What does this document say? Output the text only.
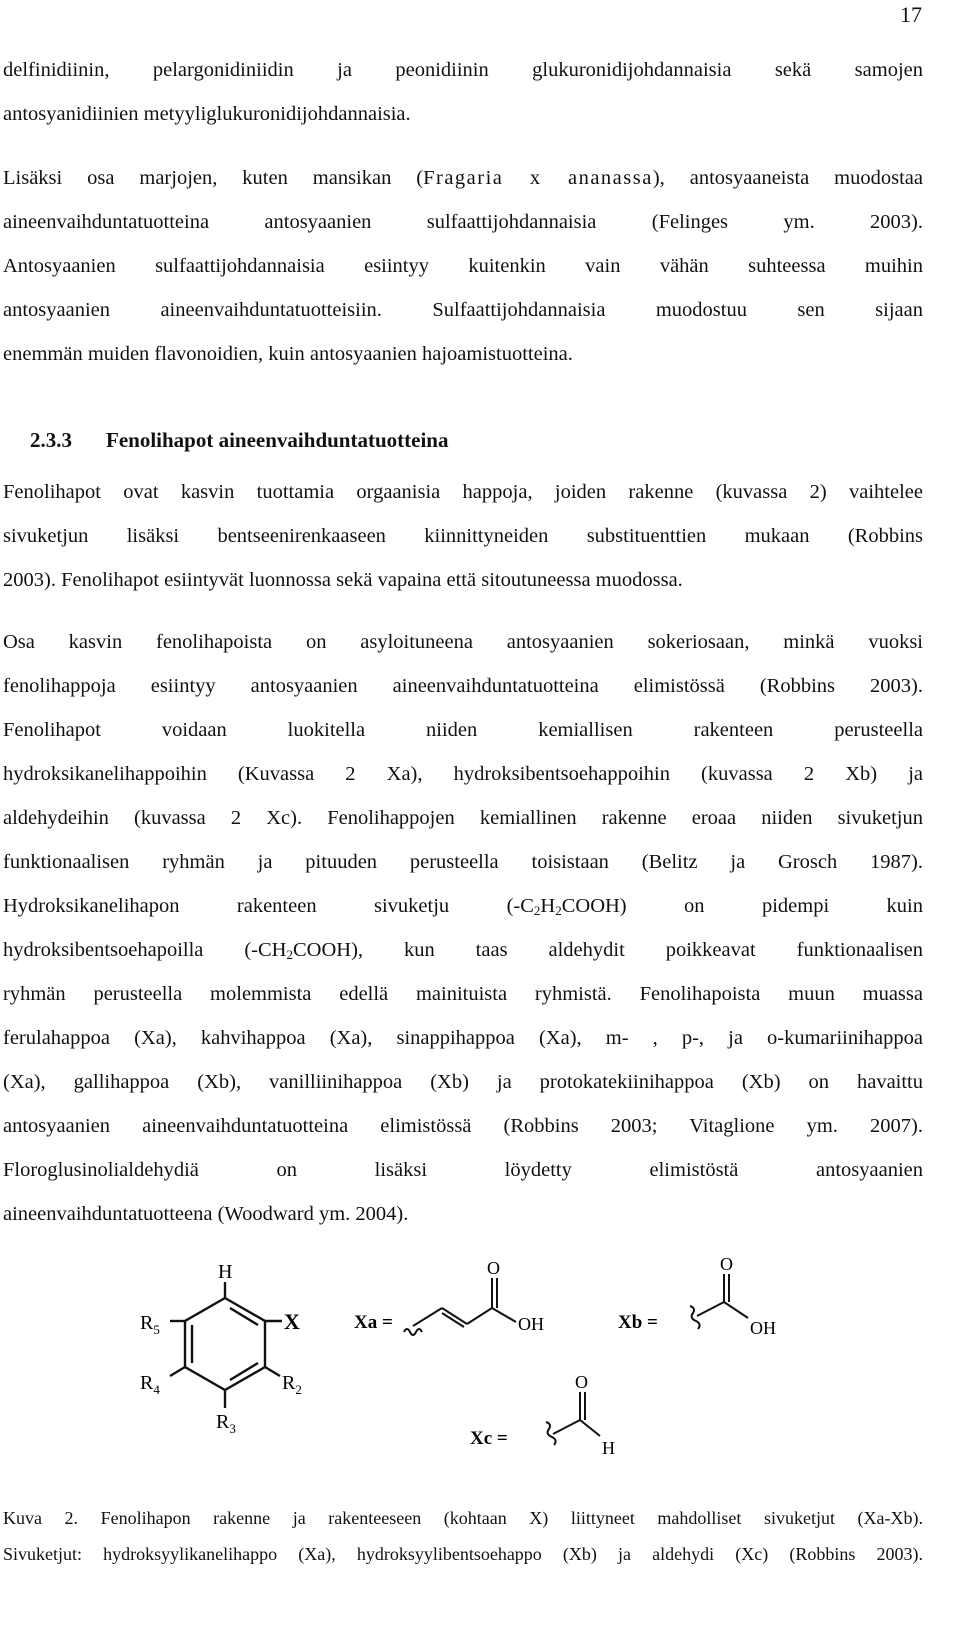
17

delfinidiinin, pelargonidiniidin ja peonidiinin glukuronidijohdannaisia sekä samojen
antosyanidiinien metyyliglukuronidijohdannaisia.

Lisäksi osa marjojen, kuten mansikan (Fragaria x ananassa), antosyaaneista muodostaa
aineenvaihduntatuotteina antosyaanien sulfaattijohdannaisia (Felinges ym. 2003).
Antosyaanien sulfaattijohdannaisia esiintyy kuitenkin vain vähän suhteessa muihin
antosyaanien aineenvaihduntatuotteisiin. Sulfaattijohdannaisia muodostuu sen sijaan
enemmän muiden flavonoidien, kuin antosyaanien hajoamistuotteina.

2.3.3 Fenolihapot aineenvaihduntatuotteina

Fenolihapot ovat kasvin tuottamia orgaanisia happoja, joiden rakenne (kuvassa 2) vaihtelee
sivuketjun lisäksi bentseenirenkaaseen kiinnittyneiden substituenttien mukaan (Robbins
2003). Fenolihapot esiintyvät luonnossa sekä vapaina että sitoutuneessa muodossa.

Osa kasvin fenolihapoista on asyloituneena antosyaanien sokeriosaan, minkä vuoksi
fenolihappoja esiintyy antosyaanien aineenvaihduntatuotteina elimistössä (Robbins 2003).
Fenolihapot voidaan luokitella niiden kemiallisen rakenteen perusteella
hydroksikanelihappoihin (Kuvassa 2 Xa), hydroksibentsoehappoihin (kuvassa 2 Xb) ja
aldehydeihin (kuvassa 2 Xc). Fenolihappojen kemiallinen rakenne eroaa niiden sivuketjun
funktionaalisen ryhmän ja pituuden perusteella toisistaan (Belitz ja Grosch 1987).
Hydroksikanelihapon rakenteen sivuketju $(-C_2H_2COOH)$ on pidempi kuin
hydroksibentsoehapoilla $(-CH_2COOH)$, kun taas aldehydit poikkeavat funktionaalisen
ryhmän perusteella molemmista edellä mainituista ryhmistä. Fenolihapoista muun muassa
ferulahappoa (Xa), kahvihappoa (Xa), sinappihappoa (Xa), m- , p-, ja o-kumariinihappoa
(Xa), gallihappoa (Xb), vanilliinihappoa (Xb) ja protokatekiinihappoa (Xb) on havaittu
antosyaanien aineenvaihduntatuotteina elimistössä (Robbins 2003; Vitaglione ym. 2007).
Floroglusinolialdehydiä on lisäksi löydetty elimistöstä antosyaanien
aineenvaihduntatuotteena (Woodward ym. 2004).

H
X
$R_5$
$R_4$	$R_2$
$R_3$
Xa =
O
OH	Xb =
O
OH
Xc =
O
H

Kuva 2. Fenolihapon rakenne ja rakenteeseen (kohtaan X) liittyneet mahdolliset sivuketjut (Xa-Xb).
Sivuketjut: hydroksyylikanelihappo (Xa), hydroksyylibentsoehappo (Xb) ja aldehydi (Xc) (Robbins 2003).
